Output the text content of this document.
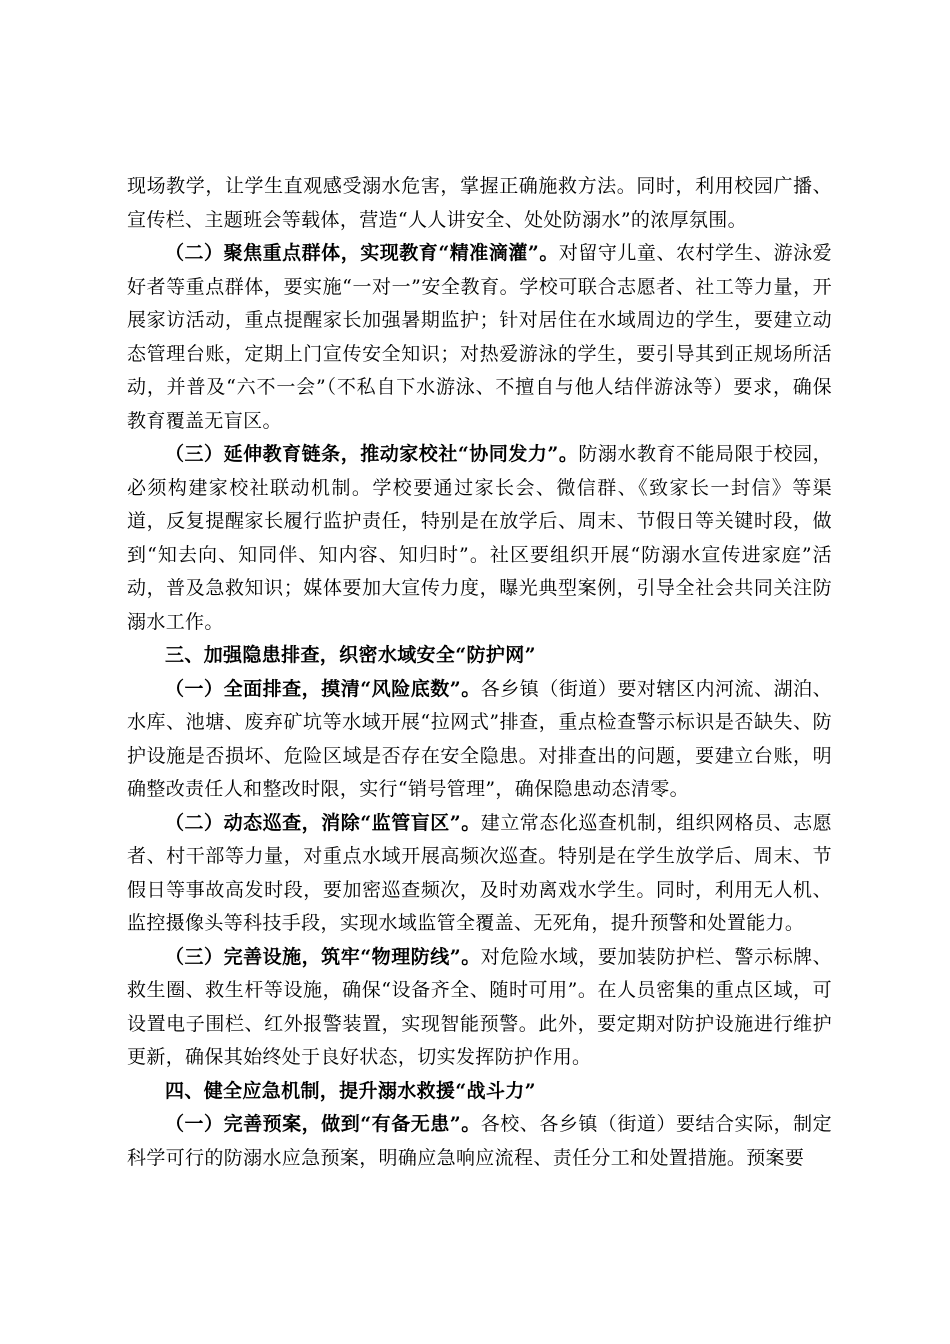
现场教学，让学生直观感受溺水危害，掌握正确施救方法。同时，利用校园广播、宣传栏、主题班会等载体，营造“人人讲安全、处处防溺水”的浓厚氛围。

（二）聚焦重点群体，实现教育“精准滴灌”。对留守儿童、农村学生、游泳爱好者等重点群体，要实施“一对一”安全教育。学校可联合志愿者、社工等力量，开展家访活动，重点提醒家长加强暑期监护；针对居住在水域周边的学生，要建立动态管理台账，定期上门宣传安全知识；对热爱游泳的学生，要引导其到正规场所活动，并普及“六不一会”（不私自下水游泳、不擅自与他人结伴游泳等）要求，确保教育覆盖无盲区。

（三）延伸教育链条，推动家校社“协同发力”。防溺水教育不能局限于校园，必须构建家校社联动机制。学校要通过家长会、微信群、《致家长一封信》等渠道，反复提醒家长履行监护责任，特别是在放学后、周末、节假日等关键时段，做到“知去向、知同伴、知内容、知归时”。社区要组织开展“防溺水宣传进家庭”活动，普及急救知识；媒体要加大宣传力度，曝光典型案例，引导全社会共同关注防溺水工作。

三、加强隐患排查，织密水域安全“防护网”

（一）全面排查，摸清“风险底数”。各乡镇（街道）要对辖区内河流、湖泊、水库、池塘、废弃矿坑等水域开展“拉网式”排查，重点检查警示标识是否缺失、防护设施是否损坏、危险区域是否存在安全隐患。对排查出的问题，要建立台账，明确整改责任人和整改时限，实行“销号管理”，确保隐患动态清零。

（二）动态巡查，消除“监管盲区”。建立常态化巡查机制，组织网格员、志愿者、村干部等力量，对重点水域开展高频次巡查。特别是在学生放学后、周末、节假日等事故高发时段，要加密巡查频次，及时劝离戏水学生。同时，利用无人机、监控摄像头等科技手段，实现水域监管全覆盖、无死角，提升预警和处置能力。

（三）完善设施，筑牢“物理防线”。对危险水域，要加装防护栏、警示标牌、救生圈、救生杆等设施，确保“设备齐全、随时可用”。在人员密集的重点区域，可设置电子围栏、红外报警装置，实现智能预警。此外，要定期对防护设施进行维护更新，确保其始终处于良好状态，切实发挥防护作用。

四、健全应急机制，提升溺水救援“战斗力”

（一）完善预案，做到“有备无患”。各校、各乡镇（街道）要结合实际，制定科学可行的防溺水应急预案，明确应急响应流程、责任分工和处置措施。预案要
